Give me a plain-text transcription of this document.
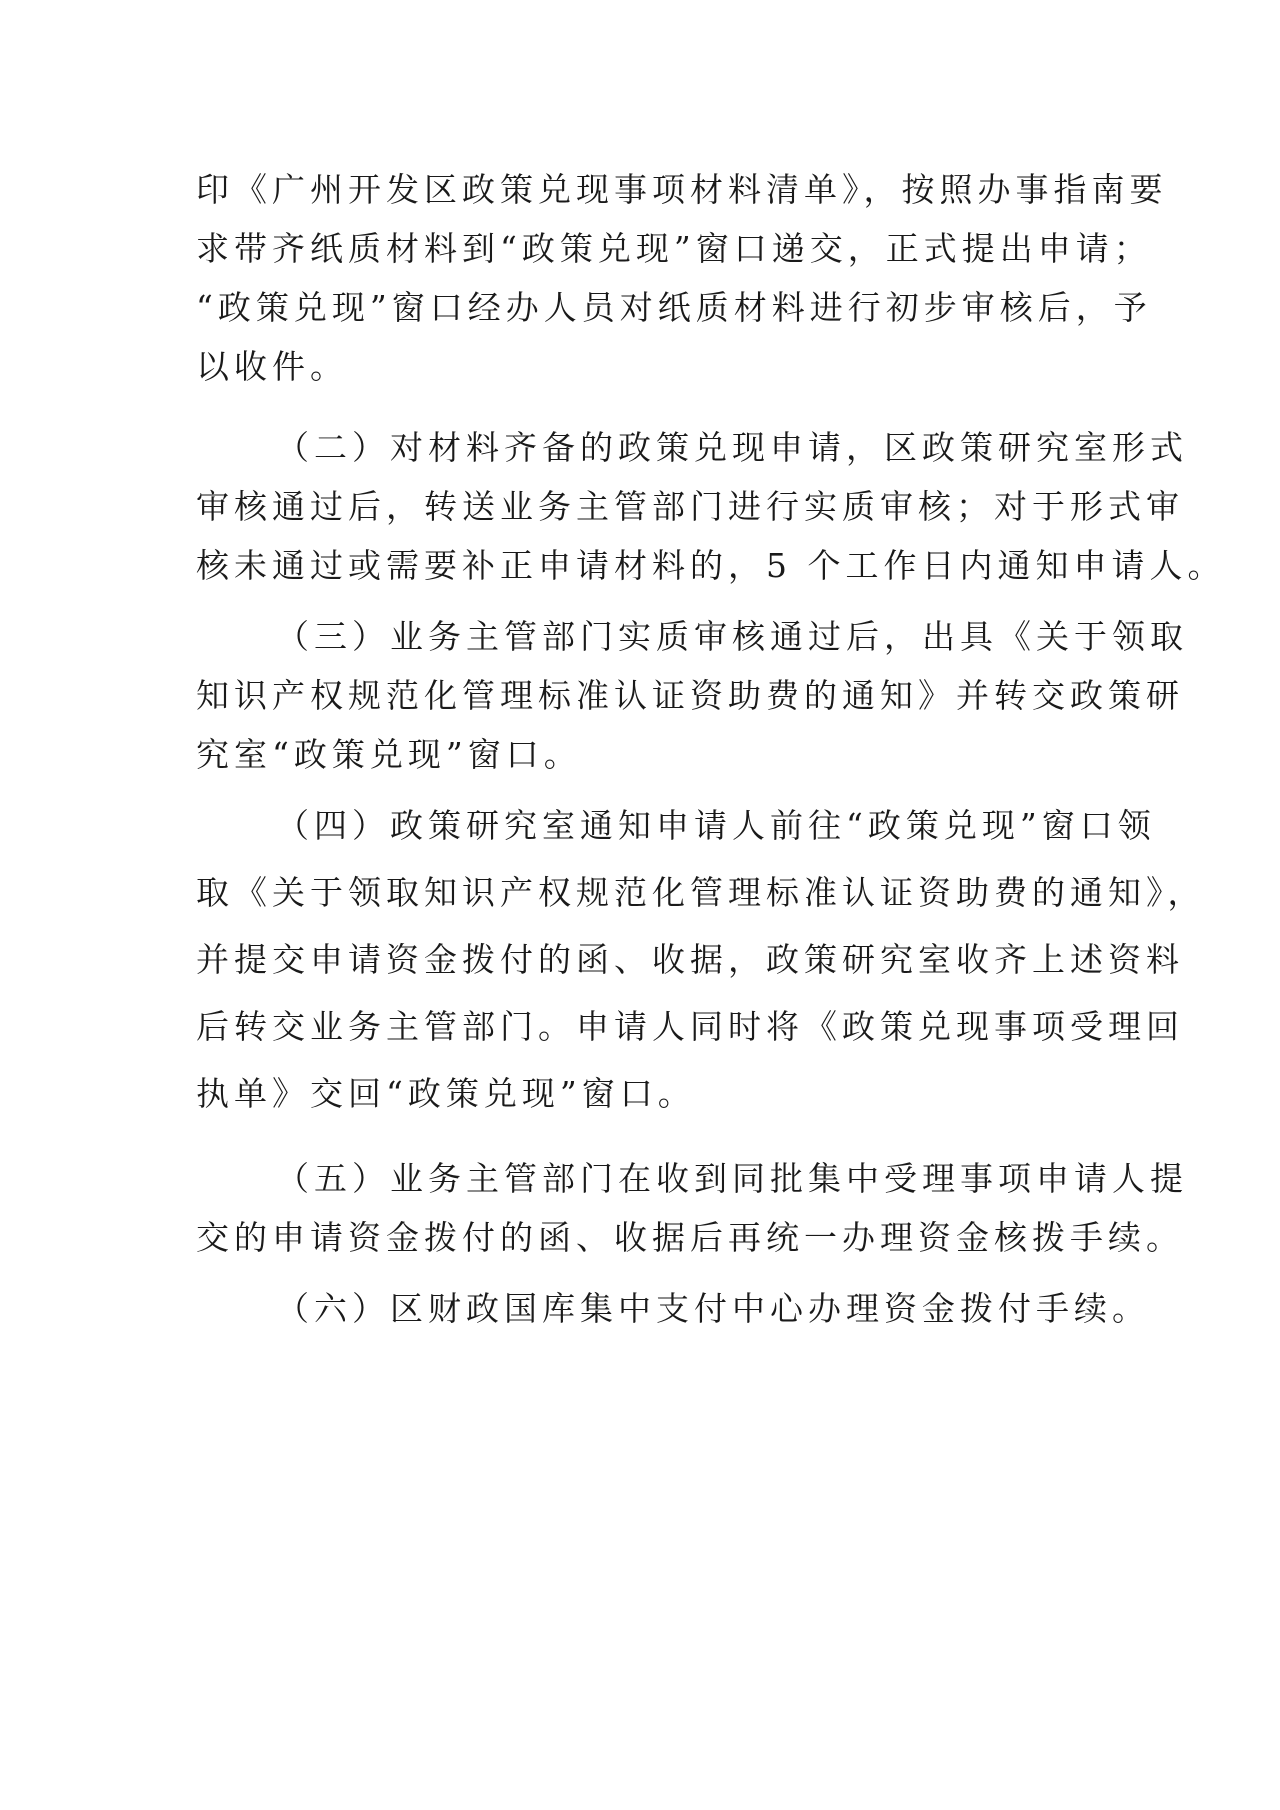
印《广州开发区政策兑现事项材料清单》，按照办事指南要
求带齐纸质材料到“政策兑现”窗口递交，正式提出申请；
“政策兑现”窗口经办人员对纸质材料进行初步审核后，予
以收件。
（二）对材料齐备的政策兑现申请，区政策研究室形式
审核通过后，转送业务主管部门进行实质审核；对于形式审
核未通过或需要补正申请材料的，5 个工作日内通知申请人。
（三）业务主管部门实质审核通过后，出具《关于领取
知识产权规范化管理标准认证资助费的通知》并转交政策研
究室“政策兑现”窗口。
（四）政策研究室通知申请人前往“政策兑现”窗口领
取《关于领取知识产权规范化管理标准认证资助费的通知》，
并提交申请资金拨付的函、收据，政策研究室收齐上述资料
后转交业务主管部门。申请人同时将《政策兑现事项受理回
执单》交回“政策兑现”窗口。
（五）业务主管部门在收到同批集中受理事项申请人提
交的申请资金拨付的函、收据后再统一办理资金核拨手续。
（六）区财政国库集中支付中心办理资金拨付手续。
